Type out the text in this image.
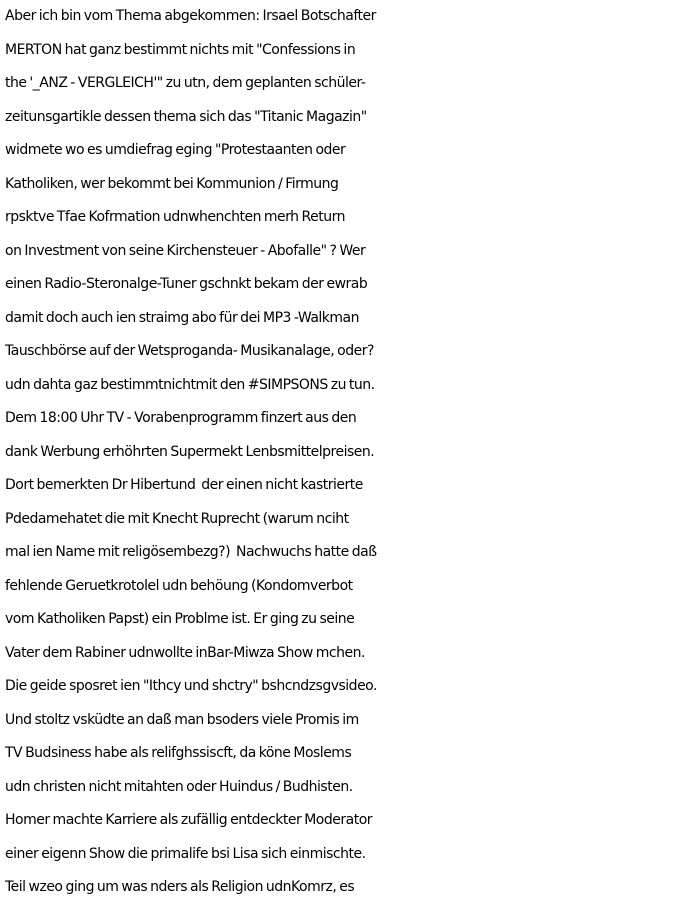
Aber ich bin vom Thema abgekommen: Irsael Botschafter
MERTON hat ganz bestimmt nichts mit "Confessions in
the '_ANZ - VERGLEICH'" zu utn, dem geplanten schüler-
zeitunsgartikle dessen thema sich das "Titanic Magazin"
widmete wo es umdiefrag eging "Protestaanten oder
Katholiken, wer bekommt bei Kommunion / Firmung
rpsktve Tfae Kofrmation udnwhenchten merh Return
on Investment von seine Kirchensteuer - Abofalle" ? Wer
einen Radio-Steronalge-Tuner gschnkt bekam der ewrab
damit doch auch ien straimg abo für dei MP3 -Walkman
Tauschbörse auf der Wetsproganda- Musikanalage, oder?
udn dahta gaz bestimmtnichtmit den #SIMPSONS zu tun.
Dem 18:00 Uhr TV - Vorabenprogramm finzert aus den
dank Werbung erhöhrten Supermekt Lenbsmittelpreisen.
Dort bemerkten Dr Hibertund  der einen nicht kastrierte
Pdedamehatet die mit Knecht Ruprecht (warum nciht
mal ien Name mit religösembezg?)  Nachwuchs hatte daß
fehlende Geruetkrotolel udn behöung (Kondomverbot
vom Katholiken Papst) ein Problme ist. Er ging zu seine
Vater dem Rabiner udnwollte inBar-Miwza Show mchen.
Die geide sposret ien "Ithcy und shctry" bshcndzsgvsideo.
Und stoltz vsküdte an daß man bsoders viele Promis im
TV Budsiness habe als relifghssiscft, da köne Moslems
udn christen nicht mitahten oder Huindus / Budhisten.
Homer machte Karriere als zufällig entdeckter Moderator
einer eigenn Show die primalife bsi Lisa sich einmischte.
Teil wzeo ging um was nders als Religion udnKomrz, es
